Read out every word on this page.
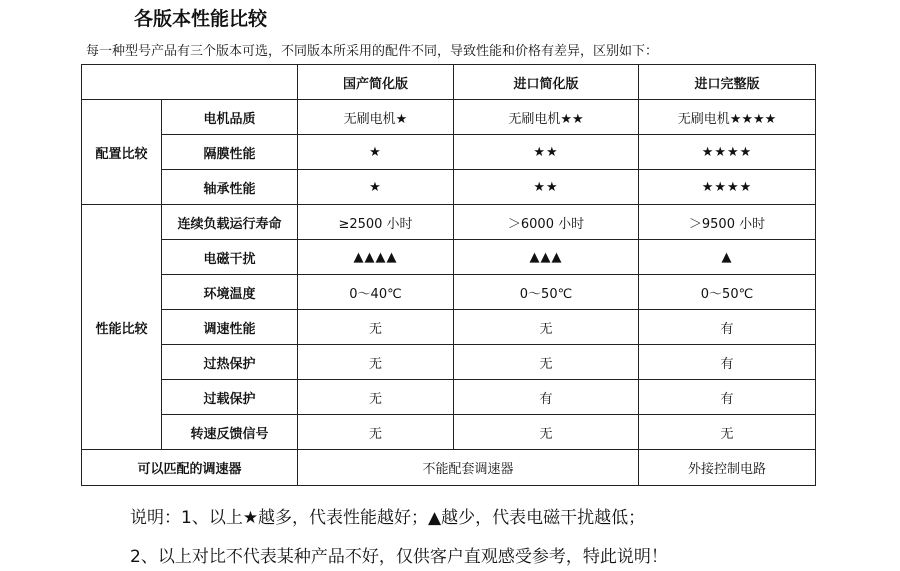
各版本性能比较
每一种型号产品有三个版本可选，不同版本所采用的配件不同，导致性能和价格有差异，区别如下：
		国产简化版	进口简化版	进口完整版
配置比较	电机品质	无刷电机★	无刷电机★★	无刷电机★★★★
	隔膜性能	★	★★	★★★★
	轴承性能	★	★★	★★★★
性能比较	连续负载运行寿命	≥2500 小时	＞6000 小时	＞9500 小时
	电磁干扰	▲▲▲▲	▲▲▲	▲
	环境温度	0～40℃	0～50℃	0～50℃
	调速性能	无	无	有
	过热保护	无	无	有
	过载保护	无	有	有
	转速反馈信号	无	无	无
可以匹配的调速器		不能配套调速器		外接控制电路
说明：1、以上★越多，代表性能越好；▲越少，代表电磁干扰越低；
2、以上对比不代表某种产品不好，仅供客户直观感受参考，特此说明！
